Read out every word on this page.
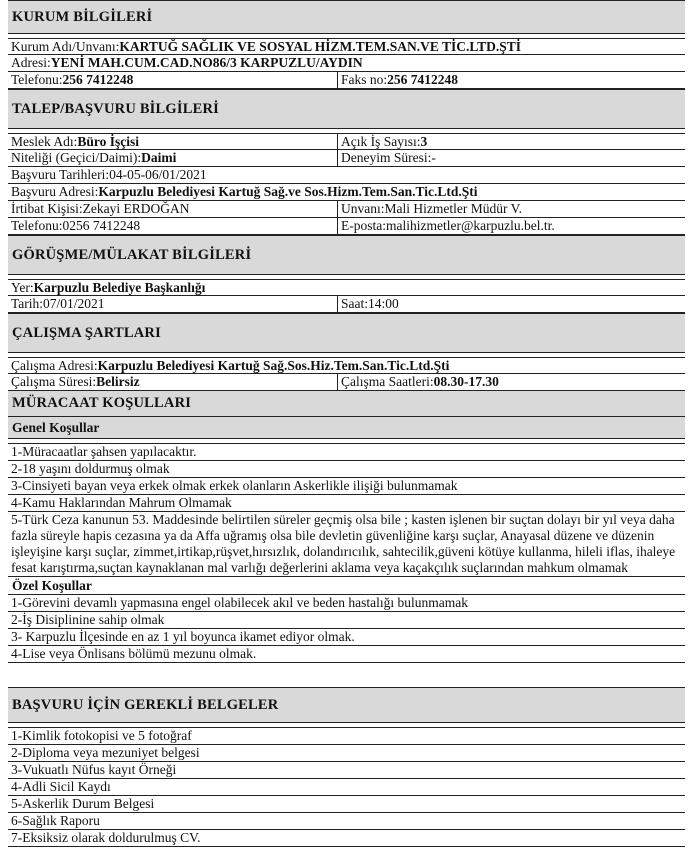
KURUM BİLGİLERİ
Kurum Adı/Unvanı:KARTUĞ SAĞLIK VE SOSYAL HİZM.TEM.SAN.VE TİC.LTD.ŞTİ
Adresi:YENİ MAH.CUM.CAD.NO86/3 KARPUZLU/AYDIN
Telefonu:256 7412248	Faks no:256 7412248
TALEP/BAŞVURU BİLGİLERİ
Meslek Adı:Büro İşçisi	Açık İş Sayısı:3
Niteliği (Geçici/Daimi):Daimi	Deneyim Süresi:-
Başvuru Tarihleri:04-05-06/01/2021
Başvuru Adresi:Karpuzlu Belediyesi Kartuğ Sağ.ve Sos.Hizm.Tem.San.Tic.Ltd.Şti
İrtibat Kişisi:Zekayi ERDOĞAN	Unvanı:Mali Hizmetler Müdür V.
Telefonu:0256 7412248	E-posta:malihizmetler@karpuzlu.bel.tr.
GÖRÜŞME/MÜLAKAT BİLGİLERİ
Yer:Karpuzlu Belediye Başkanlığı
Tarih:07/01/2021	Saat:14:00
ÇALIŞMA ŞARTLARI
Çalışma Adresi:Karpuzlu Belediyesi Kartuğ Sağ.Sos.Hiz.Tem.San.Tic.Ltd.Şti
Çalışma Süresi:Belirsiz	Çalışma Saatleri:08.30-17.30
MÜRACAAT KOŞULLARI
Genel Koşullar
1-Müracaatlar şahsen yapılacaktır.
2-18 yaşını doldurmuş olmak
3-Cinsiyeti bayan veya erkek olmak erkek olanların Askerlikle ilişiği bulunmamak
4-Kamu Haklarından Mahrum Olmamak
5-Türk Ceza kanunun 53. Maddesinde belirtilen süreler geçmiş olsa bile ; kasten işlenen bir suçtan dolayı bir yıl veya daha fazla süreyle hapis cezasına ya da Affa uğramış olsa bile devletin güvenliğine karşı suçlar, Anayasal düzene ve düzenin işleyişine karşı suçlar, zimmet,irtikap,rüşvet,hırsızlık, dolandırıcılık, sahtecilik,güveni kötüye kullanma, hileli iflas, ihaleye fesat karıştırma,suçtan kaynaklanan mal varlığı değerlerini aklama veya kaçakçılık suçlarından mahkum olmamak
Özel Koşullar
1-Görevini devamlı yapmasına engel olabilecek akıl ve beden hastalığı bulunmamak
2-İş Disiplinine sahip olmak
3- Karpuzlu İlçesinde en az 1 yıl boyunca ikamet ediyor olmak.
4-Lise veya Önlisans bölümü mezunu olmak.
BAŞVURU İÇİN GEREKLİ BELGELER
1-Kimlik fotokopisi ve 5 fotoğraf
2-Diploma veya mezuniyet belgesi
3-Vukuatlı Nüfus kayıt Örneği
4-Adli Sicil Kaydı
5-Askerlik Durum Belgesi
6-Sağlık Raporu
7-Eksiksiz olarak doldurulmuş CV.
